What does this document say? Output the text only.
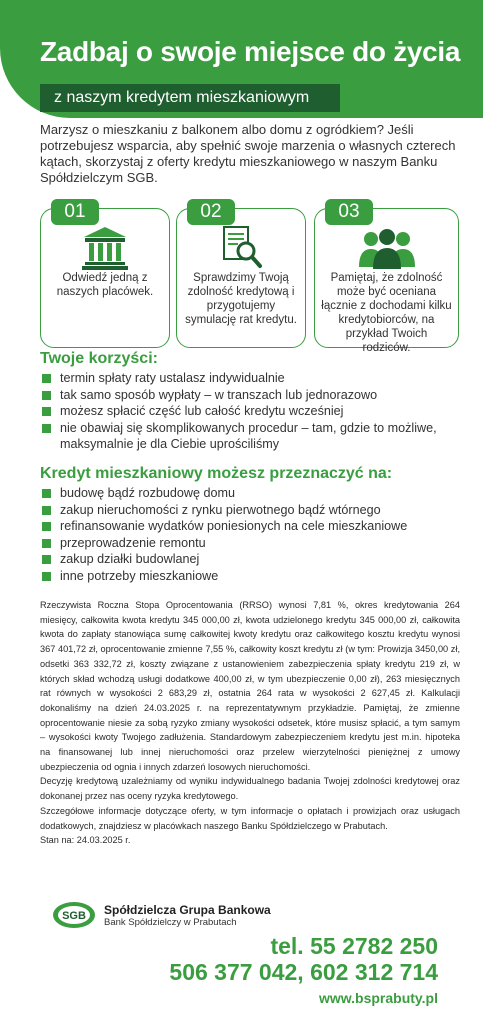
Zadbaj o swoje miejsce do życia
z naszym kredytem mieszkaniowym

Marzysz o mieszkaniu z balkonem albo domu z ogródkiem? Jeśli potrzebujesz wsparcia, aby spełnić swoje marzenia o własnych czterech kątach, skorzystaj z oferty kredytu mieszkaniowego w naszym Banku Spółdzielczym SGB.

01

Odwiedź jedną z naszych placówek.

02

Sprawdzimy Twoją zdolność kredytową i przygotujemy symulację rat kredytu.

03

Pamiętaj, że zdolność może być oceniana łącznie z dochodami kilku kredytobiorców, na przykład Twoich rodziców.

Twoje korzyści:
termin spłaty raty ustalasz indywidualnie
tak samo sposób wypłaty – w transzach lub jednorazowo
możesz spłacić część lub całość kredytu wcześniej
nie obawiaj się skomplikowanych procedur – tam, gdzie to możliwe, maksymalnie je dla Ciebie uprościliśmy
Kredyt mieszkaniowy możesz przeznaczyć na:
budowę bądź rozbudowę domu
zakup nieruchomości z rynku pierwotnego bądź wtórnego
refinansowanie wydatków poniesionych na cele mieszkaniowe
przeprowadzenie remontu
zakup działki budowlanej
inne potrzeby mieszkaniowe

Rzeczywista Roczna Stopa Oprocentowania (RRSO) wynosi 7,81 %, okres kredytowania 264 miesięcy, całkowita kwota kredytu 345 000,00 zł, kwota udzielonego kredytu 345 000,00 zł, całkowita kwota do zapłaty stanowiąca sumę całkowitej kwoty kredytu oraz całkowitego kosztu kredytu wynosi 367 401,72 zł, oprocentowanie zmienne 7,55 %, całkowity koszt kredytu zł (w tym: Prowizja 3450,00 zł, odsetki 363 332,72 zł, koszty związane z ustanowieniem zabezpieczenia spłaty kredytu 219 zł, w których skład wchodzą usługi dodatkowe 400,00 zł, w tym ubezpieczenie 0,00 zł), 263 miesięcznych rat równych w wysokości 2 683,29 zł, ostatnia 264 rata w wysokości 2 627,45 zł. Kalkulacji dokonaliśmy na dzień 24.03.2025 r. na reprezentatywnym przykładzie. Pamiętaj, że zmienne oprocentowanie niesie za sobą ryzyko zmiany wysokości odsetek, które musisz spłacić, a tym samym – wysokości kwoty Twojego zadłużenia. Standardowym zabezpieczeniem kredytu jest m.in. hipoteka na finansowanej lub innej nieruchomości oraz przelew wierzytelności pieniężnej z umowy ubezpieczenia od ognia i innych zdarzeń losowych nieruchomości.

Decyzję kredytową uzależniamy od wyniku indywidualnego badania Twojej zdolności kredytowej oraz dokonanej przez nas oceny ryzyka kredytowego.

Szczegółowe informacje dotyczące oferty, w tym informacje o opłatach i prowizjach oraz usługach dodatkowych, znajdziesz w placówkach naszego Banku Spółdzielczego w Prabutach.

Stan na: 24.03.2025 r.

SGB Spółdzielcza Grupa Bankowa
Bank Spółdzielczy w Prabutach
tel. 55 2782 250
506 377 042, 602 312 714
www.bsprabuty.pl
